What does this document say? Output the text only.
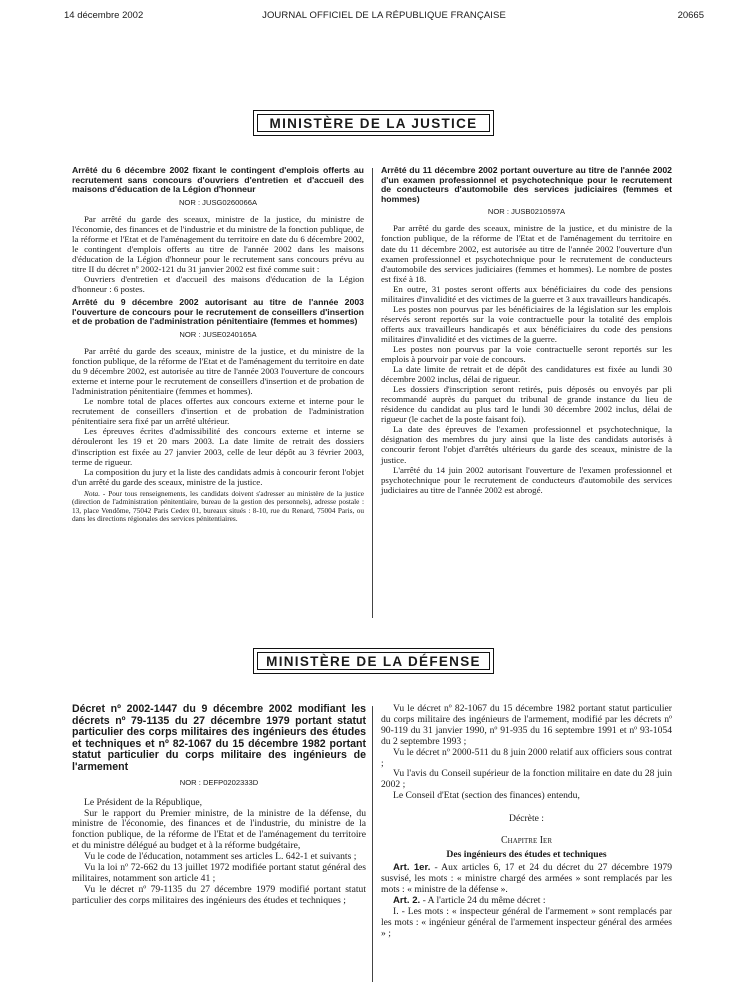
14 décembre 2002	JOURNAL OFFICIEL DE LA RÉPUBLIQUE FRANÇAISE	20665
MINISTÈRE DE LA JUSTICE

Arrêté du 6 décembre 2002 fixant le contingent d'emplois offerts au recrutement sans concours d'ouvriers d'entretien et d'accueil des maisons d'éducation de la Légion d'honneur

NOR : JUSG0260066A

Par arrêté du garde des sceaux, ministre de la justice, du ministre de l'économie, des finances et de l'industrie et du ministre de la fonction publique, de la réforme et l'Etat et de l'aménagement du territoire en date du 6 décembre 2002, le contingent d'emplois offerts au titre de l'année 2002 dans les maisons d'éducation de la Légion d'honneur pour le recrutement sans concours prévu au titre II du décret nº 2002-121 du 31 janvier 2002 est fixé comme suit :

Ouvriers d'entretien et d'accueil des maisons d'éducation de la Légion d'honneur : 6 postes.

Arrêté du 9 décembre 2002 autorisant au titre de l'année 2003 l'ouverture de concours pour le recrutement de conseillers d'insertion et de probation de l'administration pénitentiaire (femmes et hommes)

NOR : JUSE0240165A

Par arrêté du garde des sceaux, ministre de la justice, et du ministre de la fonction publique, de la réforme de l'Etat et de l'aménagement du territoire en date du 9 décembre 2002, est autorisée au titre de l'année 2003 l'ouverture de concours externe et interne pour le recrutement de conseillers d'insertion et de probation de l'administration pénitentiaire (femmes et hommes).

Le nombre total de places offertes aux concours externe et interne pour le recrutement de conseillers d'insertion et de probation de l'administration pénitentiaire sera fixé par un arrêté ultérieur.

Les épreuves écrites d'admissibilité des concours externe et interne se dérouleront les 19 et 20 mars 2003. La date limite de retrait des dossiers d'inscription est fixée au 27 janvier 2003, celle de leur dépôt au 3 février 2003, terme de rigueur.

La composition du jury et la liste des candidats admis à concourir feront l'objet d'un arrêté du garde des sceaux, ministre de la justice.

Nota. - Pour tous renseignements, les candidats doivent s'adresser au ministère de la justice (direction de l'administration pénitentiaire, bureau de la gestion des personnels), adresse postale : 13, place Vendôme, 75042 Paris Cedex 01, bureaux situés : 8-10, rue du Renard, 75004 Paris, ou dans les directions régionales des services pénitentiaires.

Arrêté du 11 décembre 2002 portant ouverture au titre de l'année 2002 d'un examen professionnel et psychotechnique pour le recrutement de conducteurs d'automobile des services judiciaires (femmes et hommes)

NOR : JUSB0210597A

Par arrêté du garde des sceaux, ministre de la justice, et du ministre de la fonction publique, de la réforme de l'Etat et de l'aménagement du territoire en date du 11 décembre 2002, est autorisée au titre de l'année 2002 l'ouverture d'un examen professionnel et psychotechnique pour le recrutement de conducteurs d'automobile des services judiciaires (femmes et hommes). Le nombre de postes est fixé à 18.

En outre, 31 postes seront offerts aux bénéficiaires du code des pensions militaires d'invalidité et des victimes de la guerre et 3 aux travailleurs handicapés.

Les postes non pourvus par les bénéficiaires de la législation sur les emplois réservés seront reportés sur la voie contractuelle pour la totalité des emplois offerts aux travailleurs handicapés et aux bénéficiaires du code des pensions militaires d'invalidité et des victimes de la guerre.

Les postes non pourvus par la voie contractuelle seront reportés sur les emplois à pourvoir par voie de concours.

La date limite de retrait et de dépôt des candidatures est fixée au lundi 30 décembre 2002 inclus, délai de rigueur.

Les dossiers d'inscription seront retirés, puis déposés ou envoyés par pli recommandé auprès du parquet du tribunal de grande instance du lieu de résidence du candidat au plus tard le lundi 30 décembre 2002 inclus, délai de rigueur (le cachet de la poste faisant foi).

La date des épreuves de l'examen professionnel et psychotechnique, la désignation des membres du jury ainsi que la liste des candidats autorisés à concourir feront l'objet d'arrêtés ultérieurs du garde des sceaux, ministre de la justice.

L'arrêté du 14 juin 2002 autorisant l'ouverture de l'examen professionnel et psychotechnique pour le recrutement de conducteurs d'automobile des services judiciaires au titre de l'année 2002 est abrogé.

MINISTÈRE DE LA DÉFENSE

Décret nº 2002-1447 du 9 décembre 2002 modifiant les décrets nº 79-1135 du 27 décembre 1979 portant statut particulier des corps militaires des ingénieurs des études et techniques et nº 82-1067 du 15 décembre 1982 portant statut particulier du corps militaire des ingénieurs de l'armement

NOR : DEFP0202333D

Le Président de la République,

Sur le rapport du Premier ministre, de la ministre de la défense, du ministre de l'économie, des finances et de l'industrie, du ministre de la fonction publique, de la réforme de l'Etat et de l'aménagement du territoire et du ministre délégué au budget et à la réforme budgétaire,

Vu le code de l'éducation, notamment ses articles L. 642-1 et suivants ;

Vu la loi nº 72-662 du 13 juillet 1972 modifiée portant statut général des militaires, notamment son article 41 ;

Vu le décret nº 79-1135 du 27 décembre 1979 modifié portant statut particulier des corps militaires des ingénieurs des études et techniques ;

Vu le décret nº 82-1067 du 15 décembre 1982 portant statut particulier du corps militaire des ingénieurs de l'armement, modifié par les décrets nº 90-119 du 31 janvier 1990, nº 91-935 du 16 septembre 1991 et nº 93-1054 du 2 septembre 1993 ;

Vu le décret nº 2000-511 du 8 juin 2000 relatif aux officiers sous contrat ;

Vu l'avis du Conseil supérieur de la fonction militaire en date du 28 juin 2002 ;

Le Conseil d'Etat (section des finances) entendu,

Décrète :

Chapitre Ier

Des ingénieurs des études et techniques

Art. 1er. - Aux articles 6, 17 et 24 du décret du 27 décembre 1979 susvisé, les mots : « ministre chargé des armées » sont remplacés par les mots : « ministre de la défense ».

Art. 2. - A l'article 24 du même décret :

I. - Les mots : « inspecteur général de l'armement » sont remplacés par les mots : « ingénieur général de l'armement inspecteur général des armées » ;
